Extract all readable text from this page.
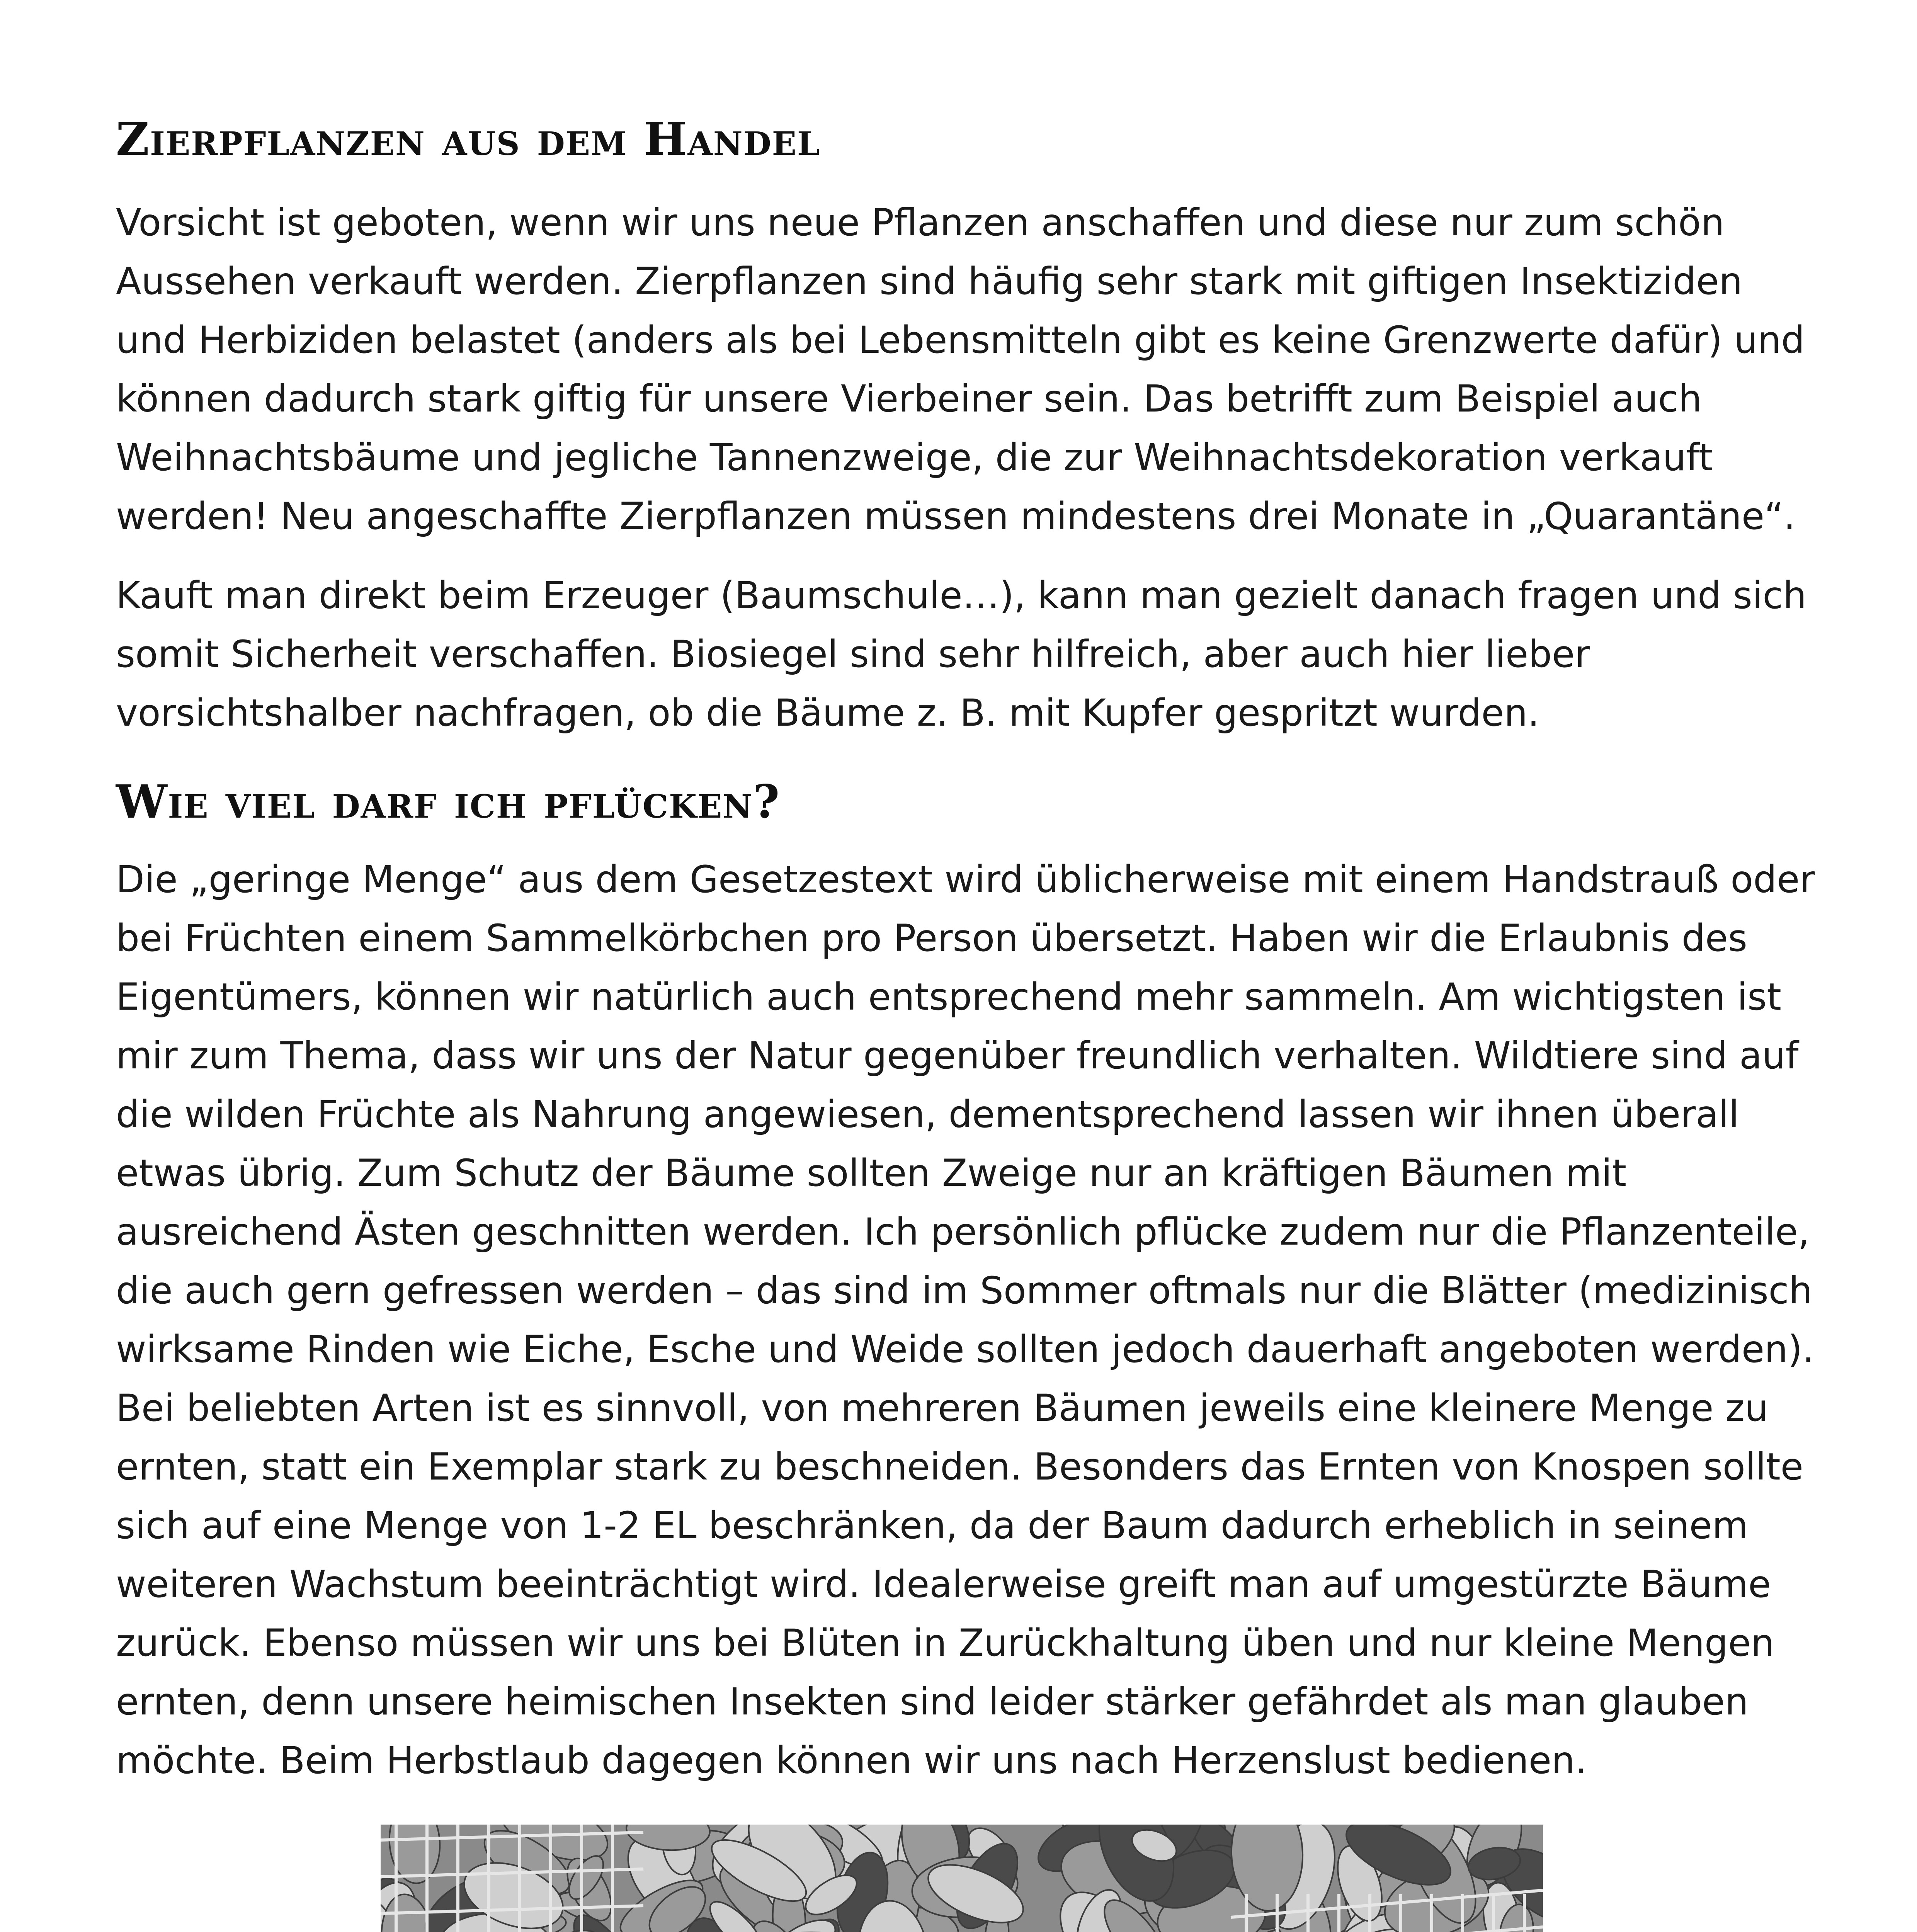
Zierpflanzen aus dem Handel

Vorsicht ist geboten, wenn wir uns neue Pflanzen anschaffen und diese nur zum schön Aussehen verkauft werden. Zierpflanzen sind häufig sehr stark mit giftigen Insektiziden und Herbiziden belastet (anders als bei Lebensmitteln gibt es keine Grenzwerte dafür) und können dadurch stark giftig für unsere Vierbeiner sein. Das betrifft zum Beispiel auch Weihnachtsbäume und jegliche Tannenzweige, die zur Weihnachtsdekoration verkauft werden! Neu angeschaffte Zierpflanzen müssen mindestens drei Monate in „Quarantäne“.

Kauft man direkt beim Erzeuger (Baumschule…), kann man gezielt danach fragen und sich somit Sicherheit verschaffen. Biosiegel sind sehr hilfreich, aber auch hier lieber vorsichtshalber nachfragen, ob die Bäume z. B. mit Kupfer gespritzt wurden.

Wie viel darf ich pflücken?

Die „geringe Menge“ aus dem Gesetzestext wird üblicherweise mit einem Handstrauß oder bei Früchten einem Sammelkörbchen pro Person übersetzt. Haben wir die Erlaubnis des Eigentümers, können wir natürlich auch entsprechend mehr sammeln. Am wichtigsten ist mir zum Thema, dass wir uns der Natur gegenüber freundlich verhalten. Wildtiere sind auf die wilden Früchte als Nahrung angewiesen, dementsprechend lassen wir ihnen überall etwas übrig. Zum Schutz der Bäume sollten Zweige nur an kräftigen Bäumen mit ausreichend Ästen geschnitten werden. Ich persönlich pflücke zudem nur die Pflanzenteile, die auch gern gefressen werden – das sind im Sommer oftmals nur die Blätter (medizinisch wirksame Rinden wie Eiche, Esche und Weide sollten jedoch dauerhaft angeboten werden). Bei beliebten Arten ist es sinnvoll, von mehreren Bäumen jeweils eine kleinere Menge zu ernten, statt ein Exemplar stark zu beschneiden. Besonders das Ernten von Knospen sollte sich auf eine Menge von 1-2 EL beschränken, da der Baum dadurch erheblich in seinem weiteren Wachstum beeinträchtigt wird. Idealerweise greift man auf umgestürzte Bäume zurück. Ebenso müssen wir uns bei Blüten in Zurückhaltung üben und nur kleine Mengen ernten, denn unsere heimischen Insekten sind leider stärker gefährdet als man glauben möchte. Beim Herbstlaub dagegen können wir uns nach Herzenslust bedienen.
